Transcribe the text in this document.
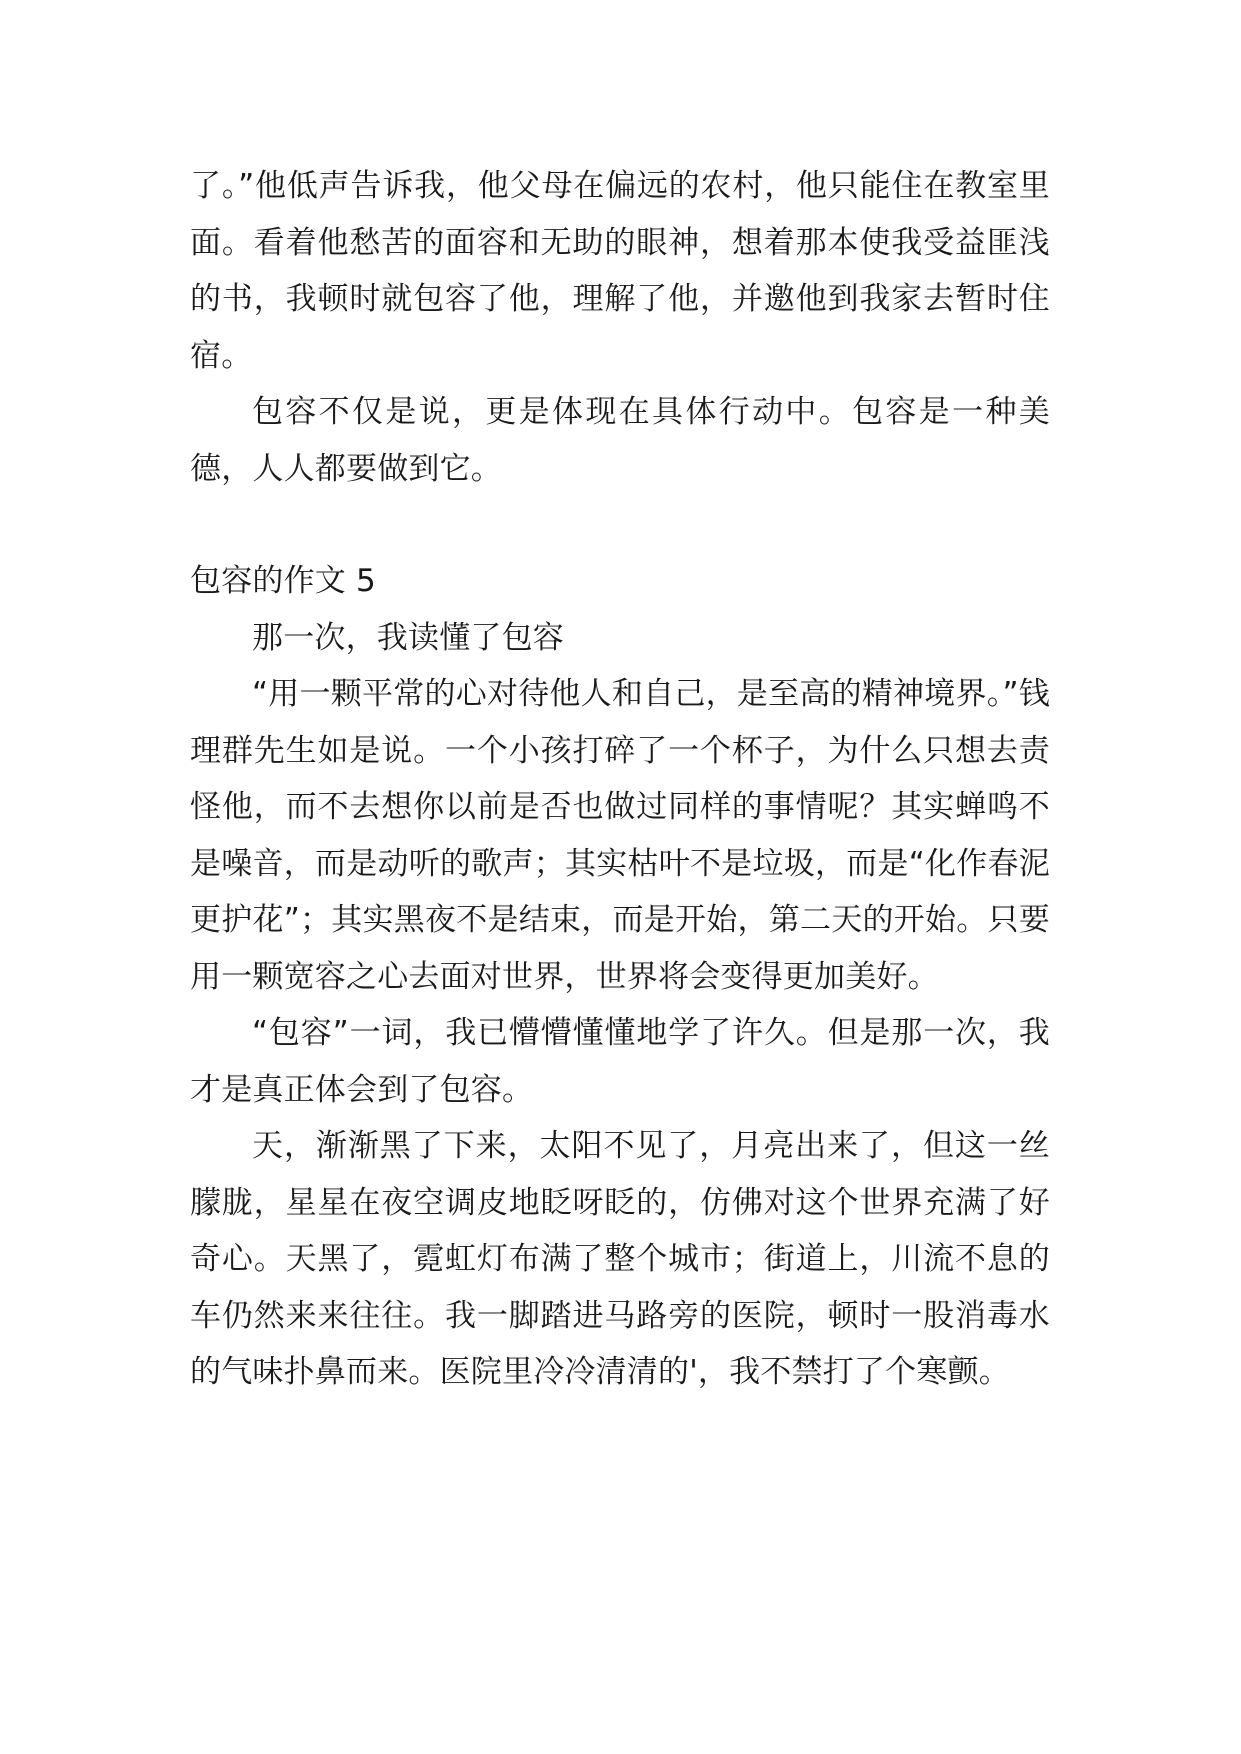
了。”他低声告诉我，他父母在偏远的农村，他只能住在教室里面。看着他愁苦的面容和无助的眼神，想着那本使我受益匪浅的书，我顿时就包容了他，理解了他，并邀他到我家去暂时住宿。

包容不仅是说，更是体现在具体行动中。包容是一种美德，人人都要做到它。

包容的作文 5

那一次，我读懂了包容

“用一颗平常的心对待他人和自己，是至高的精神境界。”钱理群先生如是说。一个小孩打碎了一个杯子，为什么只想去责怪他，而不去想你以前是否也做过同样的事情呢？其实蝉鸣不是噪音，而是动听的歌声；其实枯叶不是垃圾，而是“化作春泥更护花”；其实黑夜不是结束，而是开始，第二天的开始。只要用一颗宽容之心去面对世界，世界将会变得更加美好。

“包容”一词，我已懵懵懂懂地学了许久。但是那一次，我才是真正体会到了包容。

天，渐渐黑了下来，太阳不见了，月亮出来了，但这一丝朦胧，星星在夜空调皮地眨呀眨的，仿佛对这个世界充满了好奇心。天黑了，霓虹灯布满了整个城市；街道上，川流不息的车仍然来来往往。我一脚踏进马路旁的医院，顿时一股消毒水的气味扑鼻而来。医院里冷冷清清的'，我不禁打了个寒颤。
